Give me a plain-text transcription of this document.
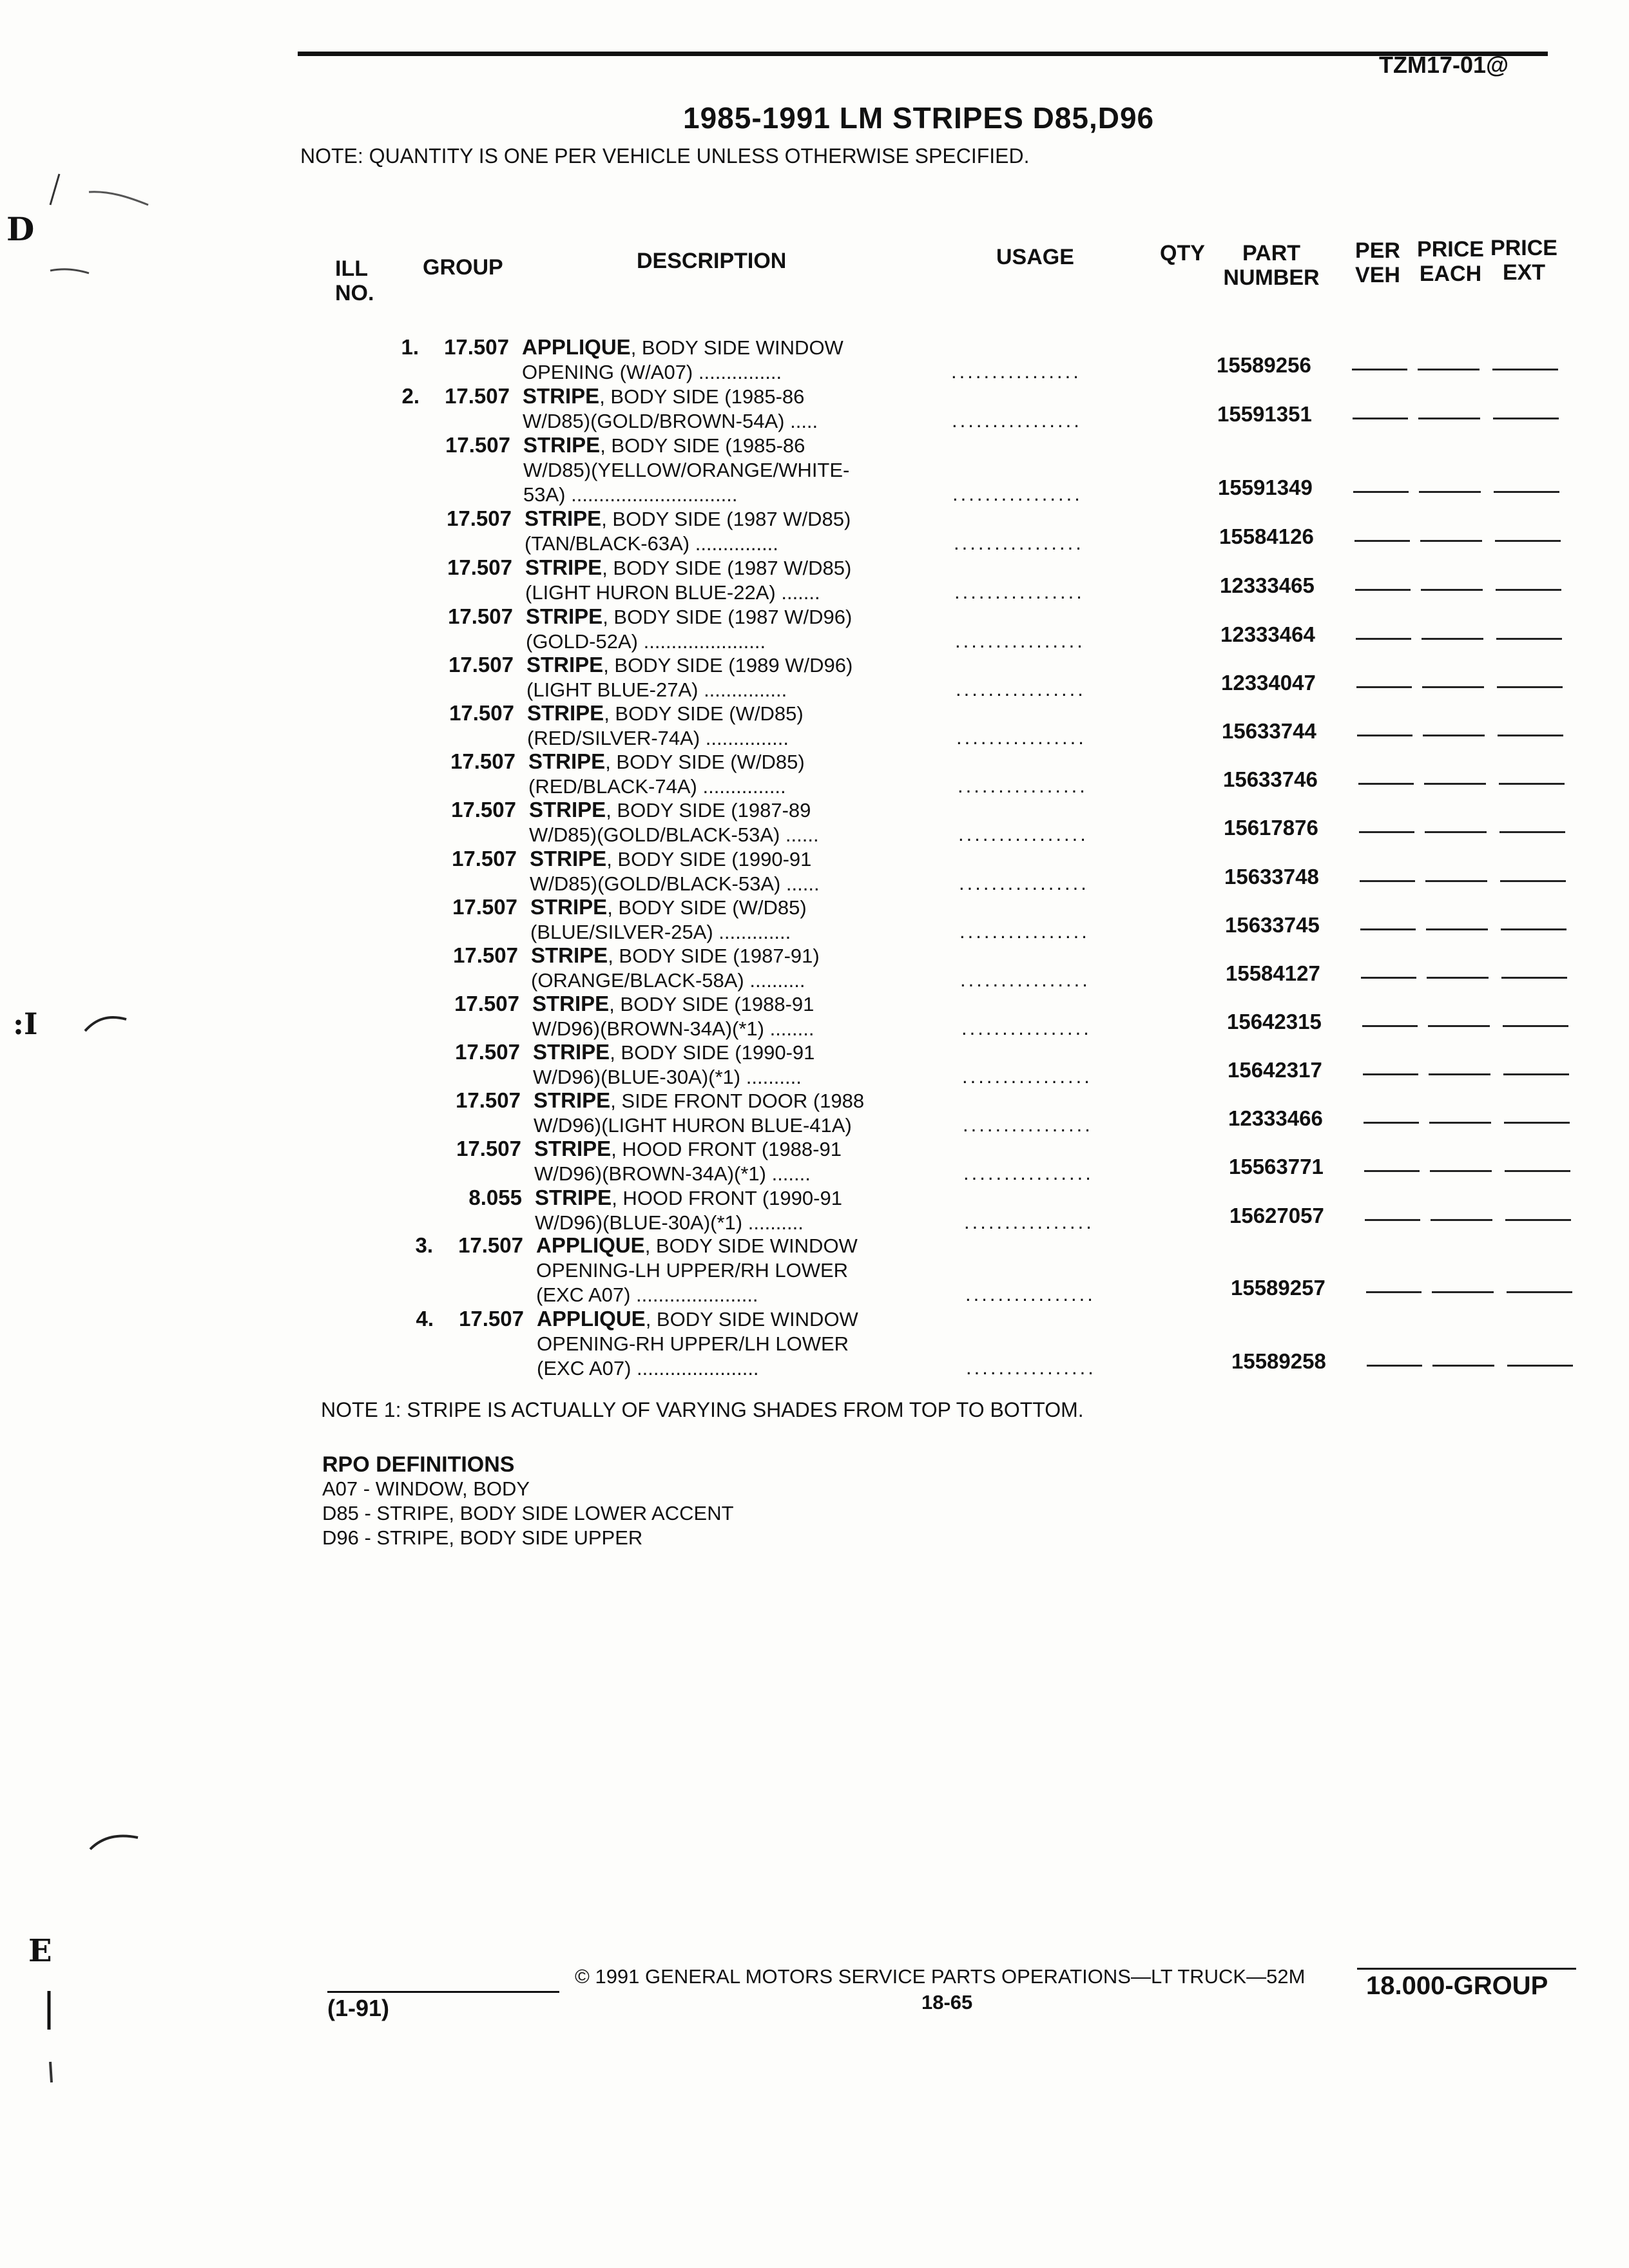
TZM17-01@
1985-1991 LM STRIPES D85,D96
NOTE: QUANTITY IS ONE PER VEHICLE UNLESS OTHERWISE SPECIFIED.
D
:I
E
ILL NO.
GROUP	DESCRIPTION	USAGE	QTY	PART NUMBER
PER VEH
PRICE EACH
PRICE EXT
1.	17.507 APPLIQUE, BODY SIDE WINDOW
OPENING (W/A07) ...............	................	15589256
2.	17.507 STRIPE, BODY SIDE (1985-86
W/D85)(GOLD/BROWN-54A) .....	................	15591351
17.507 STRIPE, BODY SIDE (1985-86
W/D85)(YELLOW/ORANGE/WHITE-
53A) ..............................	................	15591349
17.507 STRIPE, BODY SIDE (1987 W/D85)
(TAN/BLACK-63A) ...............	................	15584126
17.507 STRIPE, BODY SIDE (1987 W/D85)
(LIGHT HURON BLUE-22A) .......	................	12333465
17.507 STRIPE, BODY SIDE (1987 W/D96)
(GOLD-52A) ......................	................	12333464
17.507 STRIPE, BODY SIDE (1989 W/D96)
(LIGHT BLUE-27A) ...............	................	12334047
17.507 STRIPE, BODY SIDE (W/D85)
(RED/SILVER-74A) ...............	................	15633744
17.507 STRIPE, BODY SIDE (W/D85)
(RED/BLACK-74A) ...............	................	15633746
17.507 STRIPE, BODY SIDE (1987-89
W/D85)(GOLD/BLACK-53A) ......	................	15617876
17.507 STRIPE, BODY SIDE (1990-91
W/D85)(GOLD/BLACK-53A) ......	................	15633748
17.507 STRIPE, BODY SIDE (W/D85)
(BLUE/SILVER-25A) .............	................	15633745
17.507 STRIPE, BODY SIDE (1987-91)
(ORANGE/BLACK-58A) ..........	................	15584127
17.507 STRIPE, BODY SIDE (1988-91
W/D96)(BROWN-34A)(*1) ........	................	15642315
17.507 STRIPE, BODY SIDE (1990-91
W/D96)(BLUE-30A)(*1) ..........	................	15642317
17.507 STRIPE, SIDE FRONT DOOR (1988
W/D96)(LIGHT HURON BLUE-41A)	................	12333466
17.507 STRIPE, HOOD FRONT (1988-91
W/D96)(BROWN-34A)(*1) .......	................	15563771
8.055 STRIPE, HOOD FRONT (1990-91
W/D96)(BLUE-30A)(*1) ..........	................	15627057
3.	17.507 APPLIQUE, BODY SIDE WINDOW
OPENING-LH UPPER/RH LOWER
(EXC A07) ......................	................	15589257
4.	17.507 APPLIQUE, BODY SIDE WINDOW
OPENING-RH UPPER/LH LOWER
(EXC A07) ......................	................	15589258
NOTE 1: STRIPE IS ACTUALLY OF VARYING SHADES FROM TOP TO BOTTOM.
RPO DEFINITIONS
A07 - WINDOW, BODY
D85 - STRIPE, BODY SIDE LOWER ACCENT
D96 - STRIPE, BODY SIDE UPPER
(1-91)
© 1991 GENERAL MOTORS SERVICE PARTS OPERATIONS—LT TRUCK—52M
18-65
18.000-GROUP
